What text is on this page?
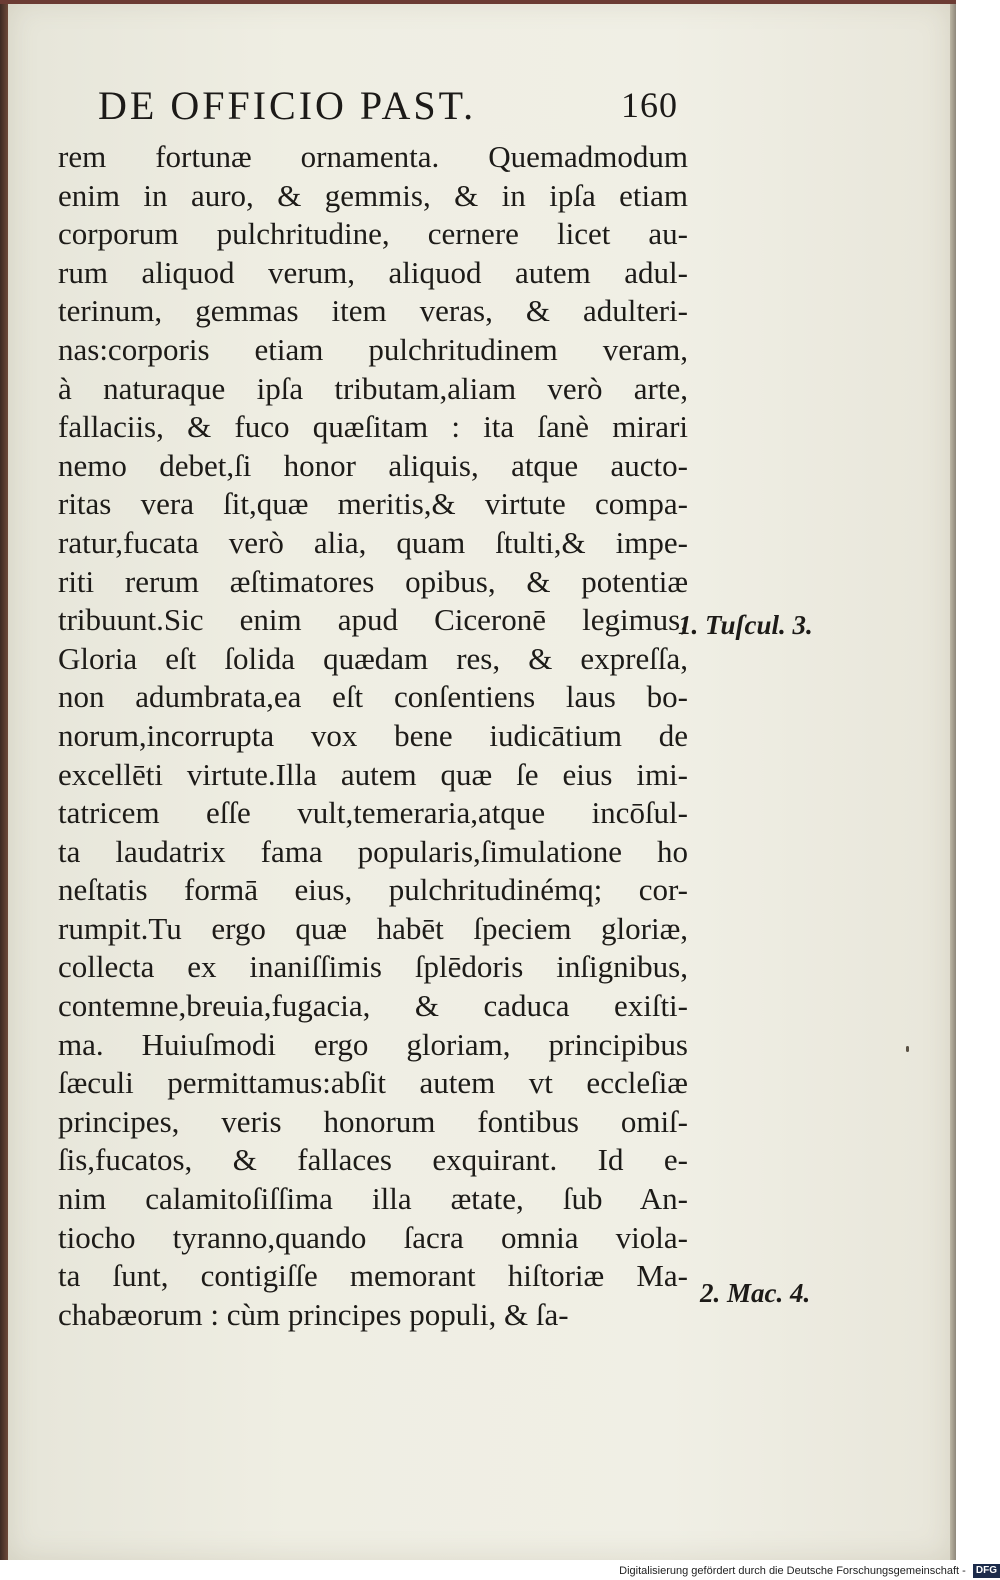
DE OFFICIO PAST.	160
rem fortunæ ornamenta. Quemadmodum
enim in auro, & gemmis, & in ipſa etiam
corporum pulchritudine, cernere licet au-
rum aliquod verum, aliquod autem adul-
terinum, gemmas item veras, & adulteri-
nas:corporis etiam pulchritudinem veram,
à naturaque ipſa tributam,aliam verò arte,
fallaciis, & fuco quæſitam : ita ſanè mirari
nemo debet,ſi honor aliquis, atque auctо-
ritas vera ſit,quæ meritis,& virtute compa-
ratur,fucata verò alia, quam ſtulti,& impe-
riti rerum æſtimatores opibus, & potentiæ
tribuunt.Sic enim apud Ciceronē legimus,
Gloria eſt ſolida quædam res, & expreſſa,
non adumbrata,ea eſt conſentiens laus bo-
norum,incorrupta vox bene iudicātium de
excellēti virtute.Illa autem quæ ſe eius imi-
tatricem eſſe vult,temeraria,atque incōſul-
ta laudatrix fama popularis,ſimulatione ho
neſtatis formā eius, pulchritudinémq; cor-
rumpit.Tu ergo quæ habēt ſpeciem gloriæ,
collecta ex inaniſſimis ſplēdoris inſignibus,
contemne,breuia,fugacia, & caduca exiſti-
ma. Huiuſmodi ergo gloriam, principibus
ſæculi permittamus:abſit autem vt eccleſiæ
principes, veris honorum fontibus omiſ-
ſis,fucatos, & fallaces exquirant. Id e-
nim calamitoſiſſima illa ætate, ſub An-
tiocho tyranno,quando ſacra omnia viola-
ta ſunt, contigiſſe memorant hiſtoriæ Ma-
chabæorum : cùm principes populi, & ſa-
1. Tuſcul. 3.
2. Mac. 4.
Digitalisierung gefördert durch die Deutsche Forschungsgemeinschaft - DFG
